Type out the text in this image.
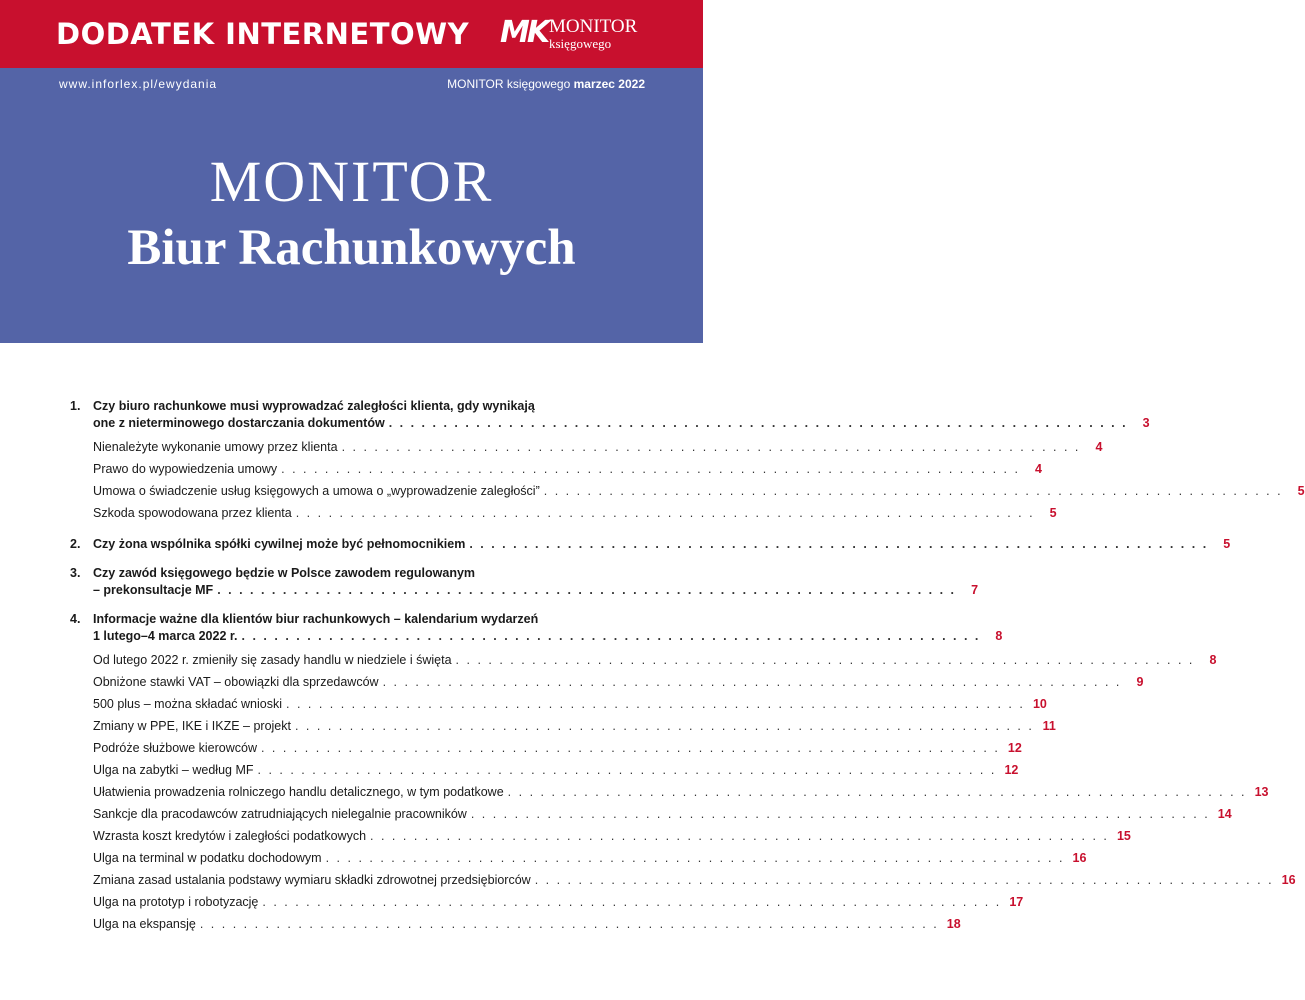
DODATEK INTERNETOWY MK MONITOR
księgowego
www.inforlex.pl/ewydania	MONITOR księgowego marzec 2022
MONITOR
Biur Rachunkowych
1.	Czy biuro rachunkowe musi wyprowadzać zaległości klienta, gdy wynikają
one z nieterminowego dostarczania dokumentów . . . . . . . . . . . . . . . . . . . . . . . . . . . . . . . . . . . . . . . . . . . . . . . . . . . . . . . . . . . . . . . . . . . .	3
Nienależyte wykonanie umowy przez klienta . . . . . . . . . . . . . . . . . . . . . . . . . . . . . . . . . . . . . . . . . . . . . . . . . . . . . . . . . . . . . . . . . . . .	4
Prawo do wypowiedzenia umowy . . . . . . . . . . . . . . . . . . . . . . . . . . . . . . . . . . . . . . . . . . . . . . . . . . . . . . . . . . . . . . . . . . . .	4
Umowa o świadczenie usług księgowych a umowa o „wyprowadzenie zaległości” . . . . . . . . . . . . . . . . . . . . . . . . . . . . . . . . . . . . . . . . . . . . . . . . . . . . . . . . . . . . . . . . . . . .	5
Szkoda spowodowana przez klienta . . . . . . . . . . . . . . . . . . . . . . . . . . . . . . . . . . . . . . . . . . . . . . . . . . . . . . . . . . . . . . . . . . . .	5
2.	Czy żona wspólnika spółki cywilnej może być pełnomocnikiem . . . . . . . . . . . . . . . . . . . . . . . . . . . . . . . . . . . . . . . . . . . . . . . . . . . . . . . . . . . . . . . . . . . .	5
3.	Czy zawód księgowego będzie w Polsce zawodem regulowanym
– prekonsultacje MF . . . . . . . . . . . . . . . . . . . . . . . . . . . . . . . . . . . . . . . . . . . . . . . . . . . . . . . . . . . . . . . . . . . .	7
4.	Informacje ważne dla klientów biur rachunkowych – kalendarium wydarzeń
1 lutego–4 marca 2022 r. . . . . . . . . . . . . . . . . . . . . . . . . . . . . . . . . . . . . . . . . . . . . . . . . . . . . . . . . . . . . . . . . . . . .	8
Od lutego 2022 r. zmieniły się zasady handlu w niedziele i święta . . . . . . . . . . . . . . . . . . . . . . . . . . . . . . . . . . . . . . . . . . . . . . . . . . . . . . . . . . . . . . . . . . . .	8
Obniżone stawki VAT – obowiązki dla sprzedawców . . . . . . . . . . . . . . . . . . . . . . . . . . . . . . . . . . . . . . . . . . . . . . . . . . . . . . . . . . . . . . . . . . . .	9
500 plus – można składać wnioski . . . . . . . . . . . . . . . . . . . . . . . . . . . . . . . . . . . . . . . . . . . . . . . . . . . . . . . . . . . . . . . . . . . . 10
Zmiany w PPE, IKE i IKZE – projekt . . . . . . . . . . . . . . . . . . . . . . . . . . . . . . . . . . . . . . . . . . . . . . . . . . . . . . . . . . . . . . . . . . . . 11
Podróże służbowe kierowców . . . . . . . . . . . . . . . . . . . . . . . . . . . . . . . . . . . . . . . . . . . . . . . . . . . . . . . . . . . . . . . . . . . . 12
Ulga na zabytki – według MF . . . . . . . . . . . . . . . . . . . . . . . . . . . . . . . . . . . . . . . . . . . . . . . . . . . . . . . . . . . . . . . . . . . . 12
Ułatwienia prowadzenia rolniczego handlu detalicznego, w tym podatkowe . . . . . . . . . . . . . . . . . . . . . . . . . . . . . . . . . . . . . . . . . . . . . . . . . . . . . . . . . . . . . . . . . . . . 13
Sankcje dla pracodawców zatrudniających nielegalnie pracowników . . . . . . . . . . . . . . . . . . . . . . . . . . . . . . . . . . . . . . . . . . . . . . . . . . . . . . . . . . . . . . . . . . . . 14
Wzrasta koszt kredytów i zaległości podatkowych . . . . . . . . . . . . . . . . . . . . . . . . . . . . . . . . . . . . . . . . . . . . . . . . . . . . . . . . . . . . . . . . . . . . 15
Ulga na terminal w podatku dochodowym . . . . . . . . . . . . . . . . . . . . . . . . . . . . . . . . . . . . . . . . . . . . . . . . . . . . . . . . . . . . . . . . . . . . 16
Zmiana zasad ustalania podstawy wymiaru składki zdrowotnej przedsiębiorców . . . . . . . . . . . . . . . . . . . . . . . . . . . . . . . . . . . . . . . . . . . . . . . . . . . . . . . . . . . . . . . . . . . . 16
Ulga na prototyp i robotyzację . . . . . . . . . . . . . . . . . . . . . . . . . . . . . . . . . . . . . . . . . . . . . . . . . . . . . . . . . . . . . . . . . . . . 17
Ulga na ekspansję . . . . . . . . . . . . . . . . . . . . . . . . . . . . . . . . . . . . . . . . . . . . . . . . . . . . . . . . . . . . . . . . . . . . 18
